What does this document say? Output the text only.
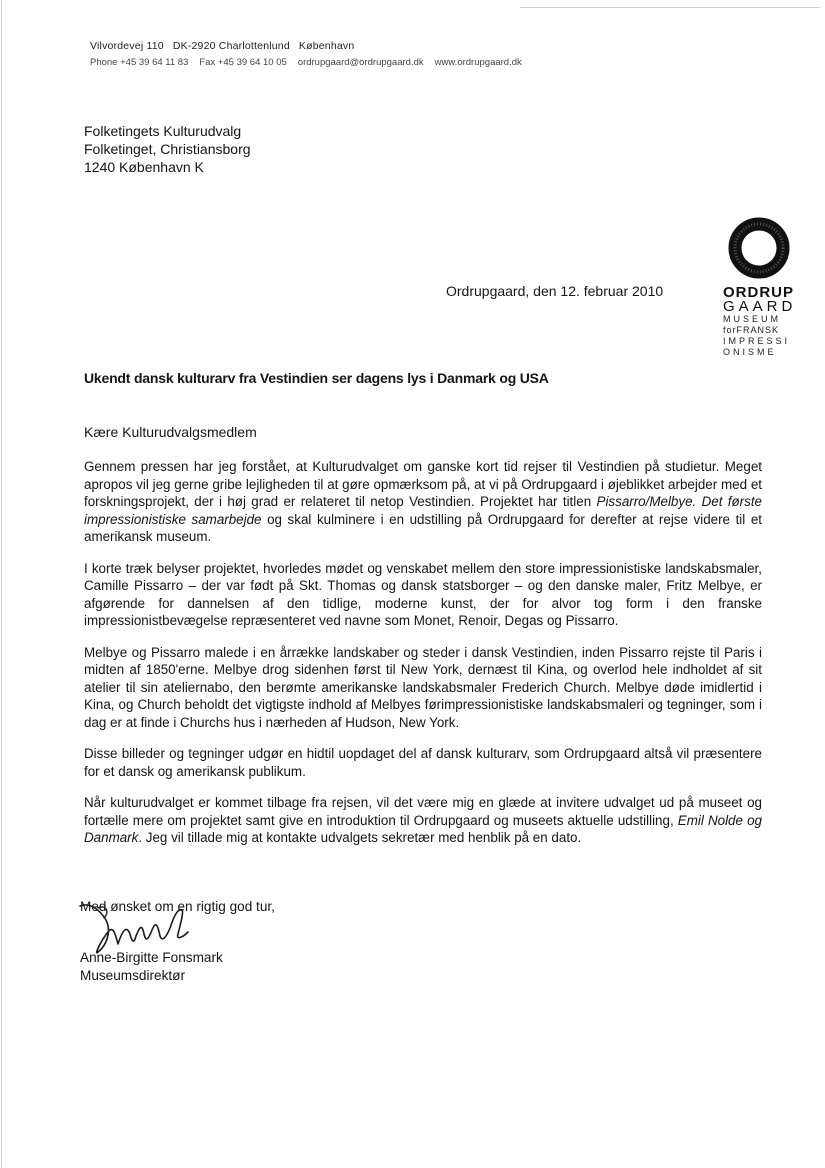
Vilvordevej 110 DK-2920 Charlottenlund København
Phone +45 39 64 11 83 Fax +45 39 64 10 05 ordrupgaard@ordrupgaard.dk www.ordrupgaard.dk
Folketingets Kulturudvalg
Folketinget, Christiansborg
1240 København K
ORDRUP
GAARD
MUSEUM
forFRANSK
IMPRESSI
ONISME
Ordrupgaard, den 12. februar 2010
Ukendt dansk kulturarv fra Vestindien ser dagens lys i Danmark og USA
Kære Kulturudvalgsmedlem

Gennem pressen har jeg forstået, at Kulturudvalget om ganske kort tid rejser til Vestindien på studietur. Meget apropos vil jeg gerne gribe lejligheden til at gøre opmærksom på, at vi på Ordrupgaard i øjeblikket arbejder med et forskningsprojekt, der i høj grad er relateret til netop Vestindien. Projektet har titlen Pissarro/Melbye. Det første impressionistiske samarbejde og skal kulminere i en udstilling på Ordrupgaard for derefter at rejse videre til et amerikansk museum.

I korte træk belyser projektet, hvorledes mødet og venskabet mellem den store impressionistiske landskabsmaler, Camille Pissarro – der var født på Skt. Thomas og dansk statsborger – og den danske maler, Fritz Melbye, er afgørende for dannelsen af den tidlige, moderne kunst, der for alvor tog form i den franske impressionistbevægelse repræsenteret ved navne som Monet, Renoir, Degas og Pissarro.

Melbye og Pissarro malede i en årrække landskaber og steder i dansk Vestindien, inden Pissarro rejste til Paris i midten af 1850'erne. Melbye drog sidenhen først til New York, dernæst til Kina, og overlod hele indholdet af sit atelier til sin ateliernabo, den berømte amerikanske landskabsmaler Frederich Church. Melbye døde imidlertid i Kina, og Church beholdt det vigtigste indhold af Melbyes førimpressionistiske landskabsmaleri og tegninger, som i dag er at finde i Churchs hus i nærheden af Hudson, New York.

Disse billeder og tegninger udgør en hidtil uopdaget del af dansk kulturarv, som Ordrupgaard altså vil præsentere for et dansk og amerikansk publikum.

Når kulturudvalget er kommet tilbage fra rejsen, vil det være mig en glæde at invitere udvalget ud på museet og fortælle mere om projektet samt give en introduktion til Ordrupgaard og museets aktuelle udstilling, Emil Nolde og Danmark. Jeg vil tillade mig at kontakte udvalgets sekretær med henblik på en dato.

Med ønsket om en rigtig god tur,
Anne-Birgitte Fonsmark
Museumsdirektør
